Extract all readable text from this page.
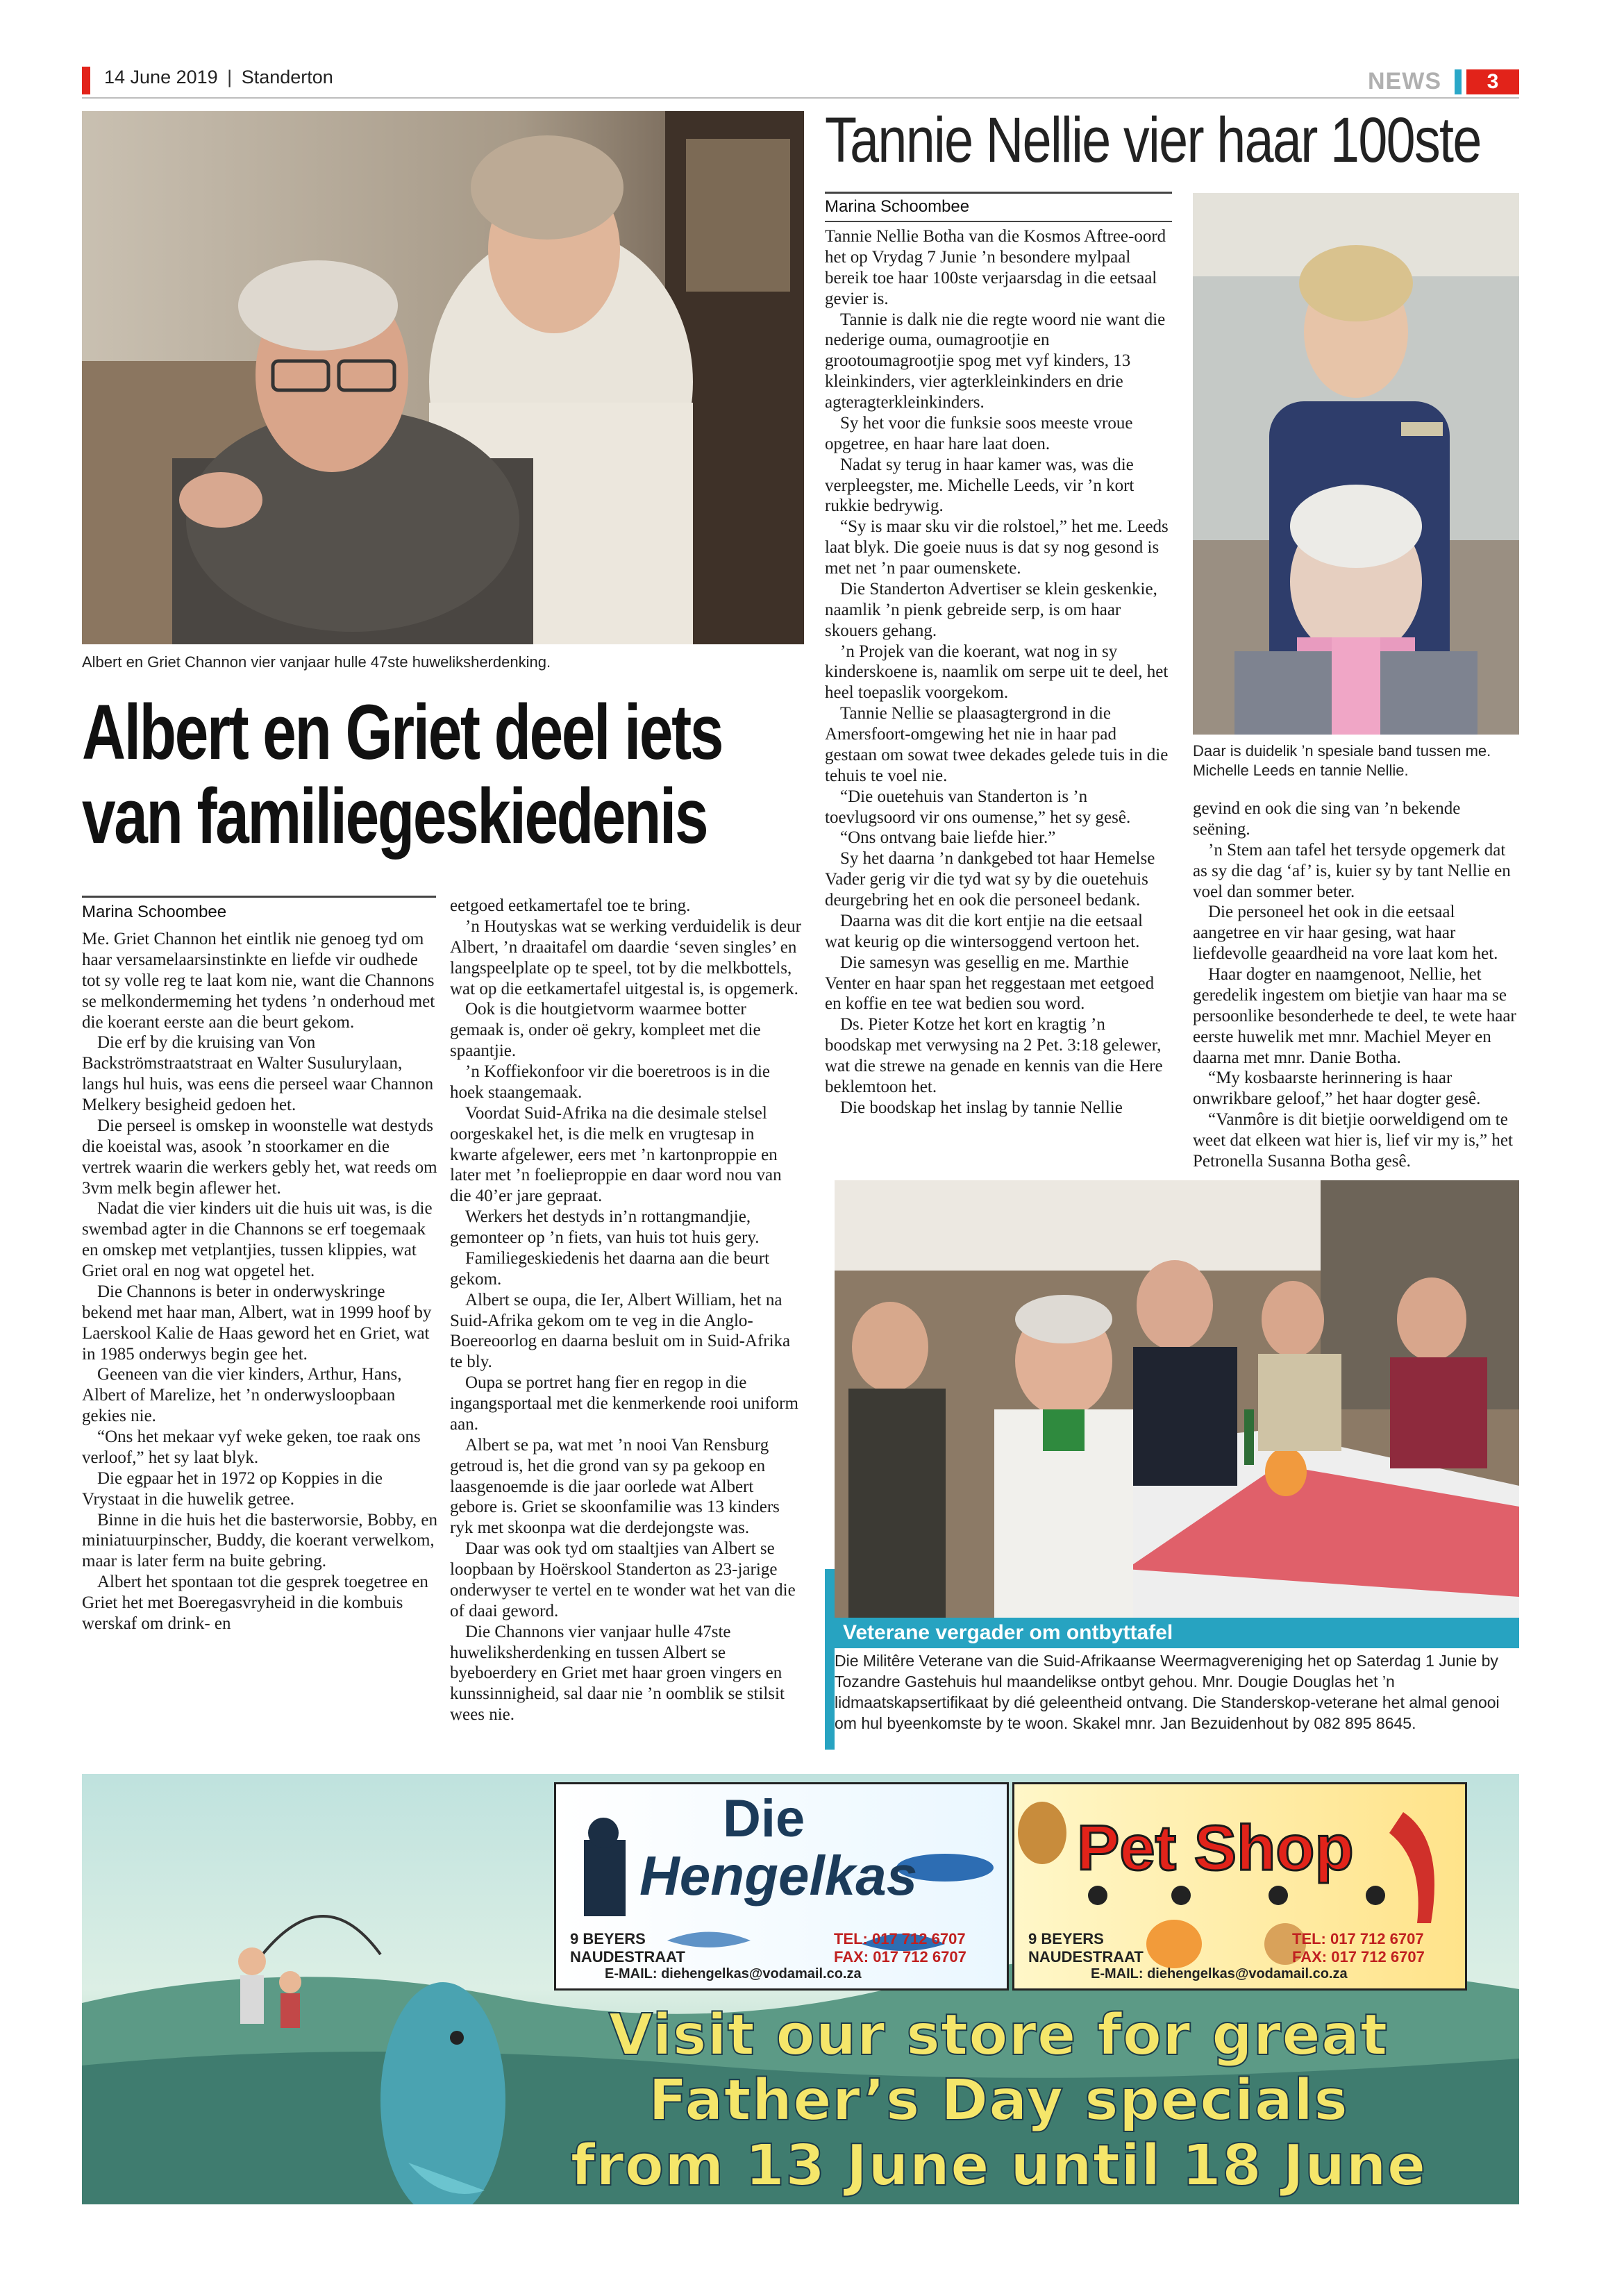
14 June 2019 | Standerton	NEWS	3
Albert en Griet Channon vier vanjaar hulle 47ste huweliksherdenking.
Albert en Griet deel iets
van familiegeskiedenis
Marina Schoombee

Me. Griet Channon het eintlik nie genoeg tyd om haar versamelaarsinstinkte en liefde vir oudhede tot sy volle reg te laat kom nie, want die Channons se melkondermeming het tydens ’n onderhoud met die koerant eerste aan die beurt gekom.

Die erf by die kruising van Von Backströmstraatstraat en Walter Susulurylaan, langs hul huis, was eens die perseel waar Channon Melkery besigheid gedoen het.

Die perseel is omskep in woonstelle wat destyds die koeistal was, asook ’n stoorkamer en die vertrek waarin die werkers gebly het, wat reeds om 3vm melk begin aflewer het.

Nadat die vier kinders uit die huis uit was, is die swembad agter in die Channons se erf toegemaak en omskep met vetplantjies, tussen klippies, wat Griet oral en nog wat opgetel het.

Die Channons is beter in onderwyskringe bekend met haar man, Albert, wat in 1999 hoof by Laerskool Kalie de Haas geword het en Griet, wat in 1985 onderwys begin gee het.

Geeneen van die vier kinders, Arthur, Hans, Albert of Marelize, het ’n onderwysloopbaan gekies nie.

“Ons het mekaar vyf weke geken, toe raak ons verloof,” het sy laat blyk.

Die egpaar het in 1972 op Koppies in die Vrystaat in die huwelik getree.

Binne in die huis het die basterworsie, Bobby, en miniatuurpinscher, Buddy, die koerant verwelkom, maar is later ferm na buite gebring.

Albert het spontaan tot die gesprek toegetree en Griet het met Boeregasvryheid in die kombuis werskaf om drink- en

eetgoed eetkamertafel toe te bring.

’n Houtyskas wat se werking verduidelik is deur Albert, ’n draaitafel om daardie ‘seven singles’ en langspeelplate op te speel, tot by die melkbottels, wat op die eetkamertafel uitgestal is, is opgemerk.

Ook is die houtgietvorm waarmee botter gemaak is, onder oë gekry, kompleet met die spaantjie.

’n Koffiekonfoor vir die boeretroos is in die hoek staangemaak.

Voordat Suid-Afrika na die desimale stelsel oorgeskakel het, is die melk en vrugtesap in kwarte afgelewer, eers met ’n kartonproppie en later met ’n foelieproppie en daar word nou van die 40’er jare gepraat.

Werkers het destyds in’n rottangmandjie, gemonteer op ’n fiets, van huis tot huis gery.

Familiegeskiedenis het daarna aan die beurt gekom.

Albert se oupa, die Ier, Albert William, het na Suid-Afrika gekom om te veg in die Anglo-Boereoorlog en daarna besluit om in Suid-Afrika te bly.

Oupa se portret hang fier en regop in die ingangsportaal met die kenmerkende rooi uniform aan.

Albert se pa, wat met ’n nooi Van Rensburg getroud is, het die grond van sy pa gekoop en laasgenoemde is die jaar oorlede wat Albert gebore is. Griet se skoonfamilie was 13 kinders ryk met skoonpa wat die derdejongste was.

Daar was ook tyd om staaltjies van Albert se loopbaan by Hoërskool Standerton as 23-jarige onderwyser te vertel en te wonder wat het van die of daai geword.

Die Channons vier vanjaar hulle 47ste huweliksherdenking en tussen Albert se byeboerdery en Griet met haar groen vingers en kunssinnigheid, sal daar nie ’n oomblik se stilsit wees nie.

Tannie Nellie vier haar 100ste
Marina Schoombee

Tannie Nellie Botha van die Kosmos Aftree-oord het op Vrydag 7 Junie ’n besondere mylpaal bereik toe haar 100ste verjaarsdag in die eetsaal gevier is.

Tannie is dalk nie die regte woord nie want die nederige ouma, oumagrootjie en grootoumagrootjie spog met vyf kinders, 13 kleinkinders, vier agterkleinkinders en drie agteragterkleinkinders.

Sy het voor die funksie soos meeste vroue opgetree, en haar hare laat doen.

Nadat sy terug in haar kamer was, was die verpleegster, me. Michelle Leeds, vir ’n kort rukkie bedrywig.

“Sy is maar sku vir die rolstoel,” het me. Leeds laat blyk. Die goeie nuus is dat sy nog gesond is met net ’n paar oumenskete.

Die Standerton Advertiser se klein geskenkie, naamlik ’n pienk gebreide serp, is om haar skouers gehang.

’n Projek van die koerant, wat nog in sy kinderskoene is, naamlik om serpe uit te deel, het heel toepaslik voorgekom.

Tannie Nellie se plaasagtergrond in die Amersfoort-omgewing het nie in haar pad gestaan om sowat twee dekades gelede tuis in die tehuis te voel nie.

“Die ouetehuis van Standerton is ’n toevlugsoord vir ons oumense,” het sy gesê.

“Ons ontvang baie liefde hier.”

Sy het daarna ’n dankgebed tot haar Hemelse Vader gerig vir die tyd wat sy by die ouetehuis deurgebring het en ook die personeel bedank.

Daarna was dit die kort entjie na die eetsaal wat keurig op die wintersoggend vertoon het.

Die samesyn was gesellig en me. Marthie Venter en haar span het reggestaan met eetgoed en koffie en tee wat bedien sou word.

Ds. Pieter Kotze het kort en kragtig ’n boodskap met verwysing na 2 Pet. 3:18 gelewer, wat die strewe na genade en kennis van die Here beklemtoon het.

Die boodskap het inslag by tannie Nellie

Daar is duidelik ’n spesiale band tussen me. Michelle Leeds en tannie Nellie.

gevind en ook die sing van ’n bekende seëning.

’n Stem aan tafel het tersyde opgemerk dat as sy die dag ‘af’ is, kuier sy by tant Nellie en voel dan sommer beter.

Die personeel het ook in die eetsaal aangetree en vir haar gesing, wat haar liefdevolle geaardheid na vore laat kom het.

Haar dogter en naamgenoot, Nellie, het geredelik ingestem om bietjie van haar ma se persoonlike besonderhede te deel, te wete haar eerste huwelik met mnr. Machiel Meyer en daarna met mnr. Danie Botha.

“My kosbaarste herinnering is haar onwrikbare geloof,” het haar dogter gesê.

“Vanmôre is dit bietjie oorweldigend om te weet dat elkeen wat hier is, lief vir my is,” het Petronella Susanna Botha gesê.

Veterane vergader om ontbyttafel
Die Militêre Veterane van die Suid-Afrikaanse Weermagvereniging het op Saterdag 1 Junie by Tozandre Gastehuis hul maandelikse ontbyt gehou. Mnr. Dougie Douglas het ’n lidmaatskapsertifikaat by dié geleentheid ontvang. Die Standerskop-veterane het almal genooi om hul byeenkomste by te woon. Skakel mnr. Jan Bezuidenhout by 082 895 8645.
Die
Hengelkas
9 BEYERS
NAUDESTRAAT
TEL: 017 712 6707
FAX: 017 712 6707
E-MAIL: diehengelkas@vodamail.co.za
Pet Shop
9 BEYERS
NAUDESTRAAT
TEL: 017 712 6707
FAX: 017 712 6707
E-MAIL: diehengelkas@vodamail.co.za
Visit our store for great
Father’s Day specials
from 13 June until 18 June
